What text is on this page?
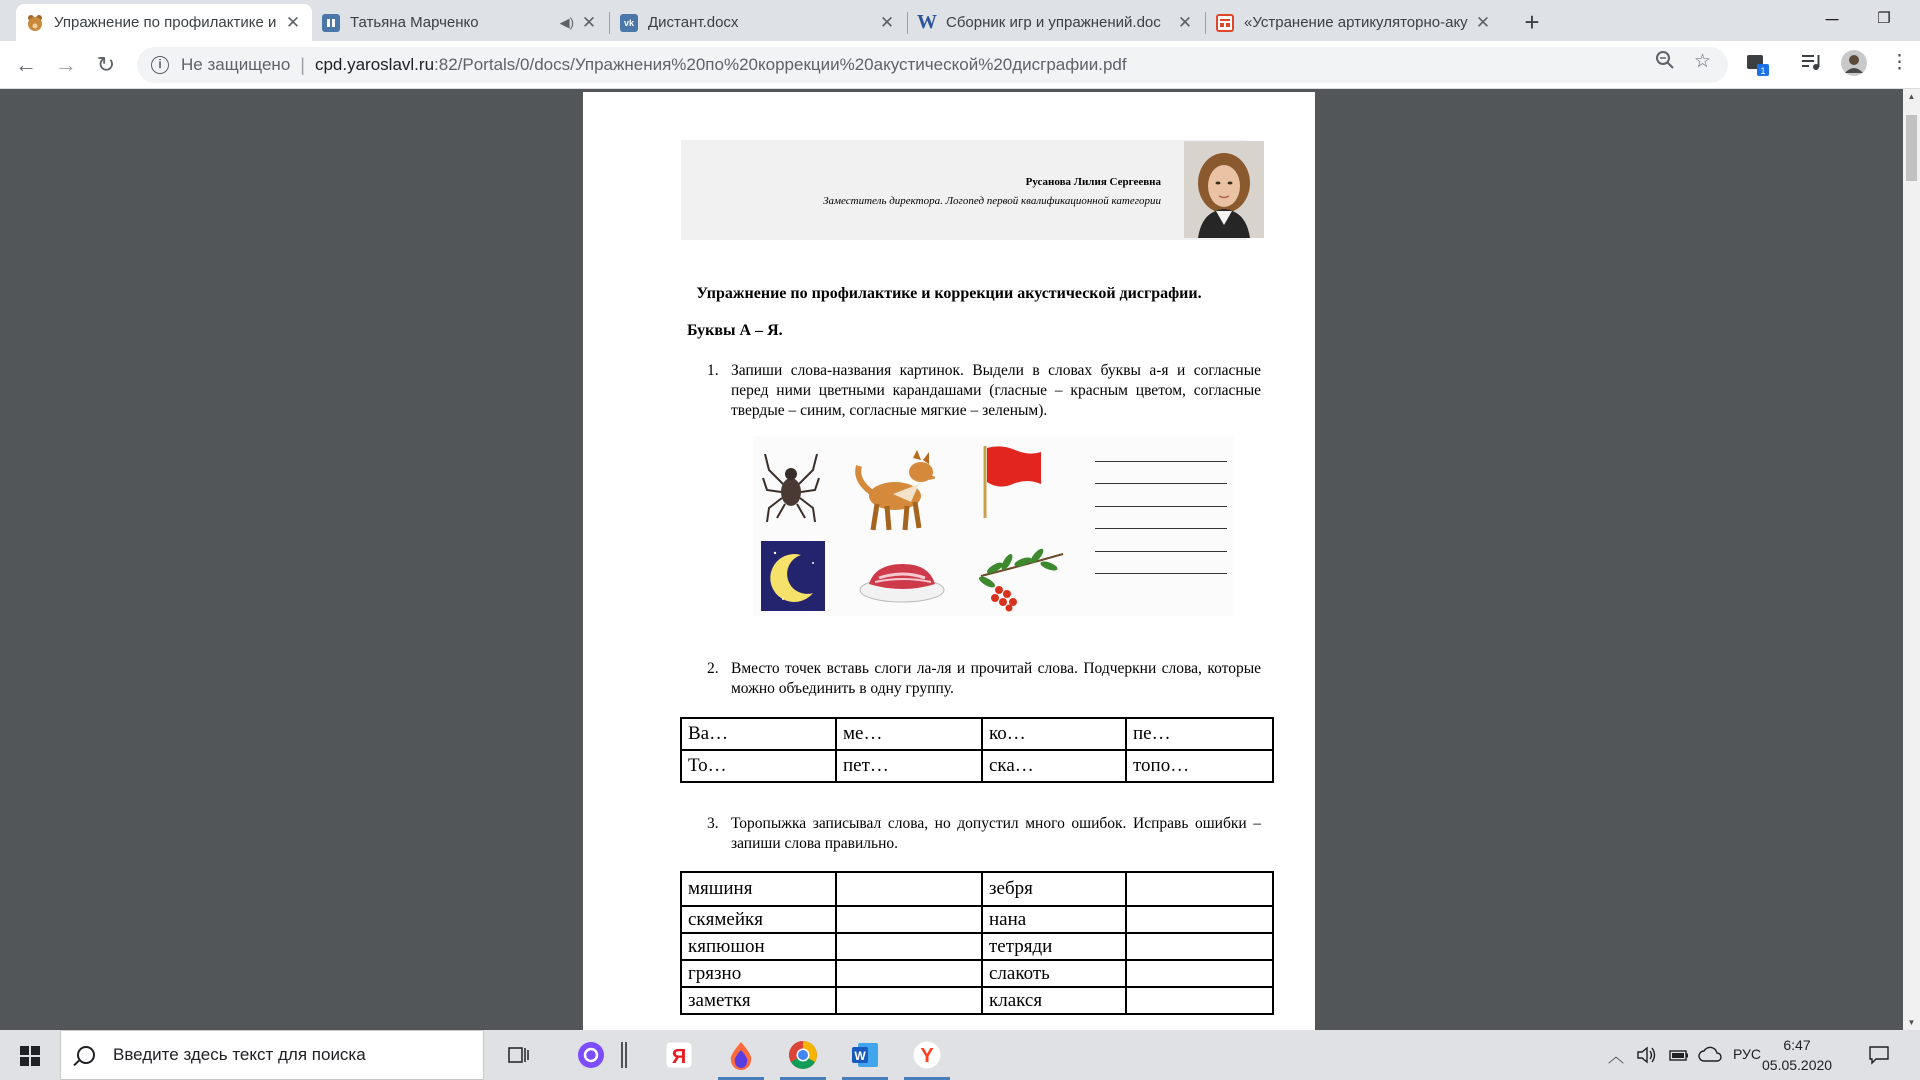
Упражнение по профилактике и ✕	Татьяна Марченко	◀) ✕	vk Дистант.docx	✕ W Сборник игр и упражнений.doc	✕	«Устранение артикуляторно-аку ✕	+	─	❐
← → ↻	i	Не защищено | cpd.yaroslavl.ru:82/Portals/0/docs/Упражнения%20по%20коррекции%20акустической%20дисграфии.pdf	☆	1	⋮
Русанова Лилия Сергеевна
Заместитель директора. Логопед первой квалификационной категории
Упражнение по профилактике и коррекции акустической дисграфии.
Буквы А – Я.
1. Запиши слова-названия картинок. Выдели в словах буквы а-я и согласные перед ними цветными карандашами (гласные – красным цветом, согласные твердые – синим, согласные мягкие – зеленым).
2. Вместо точек вставь слоги ла-ля и прочитай слова. Подчеркни слова, которые можно объединить в одну группу.
Ва…	ме…	ко…	пе…
То…	пет…	ска…	топо…
3. Торопыжка записывал слова, но допустил много ошибок. Исправь ошибки – запиши слова правильно.
мяшиня		зебря	
скямейкя		нана	
кяпюшон		тетряди	
грязно		слакоть	
заметкя		клакся	
▲
▼
Введите здесь текст для поиска	Я	W	Y	︿	РУС
6:47
05.05.2020
